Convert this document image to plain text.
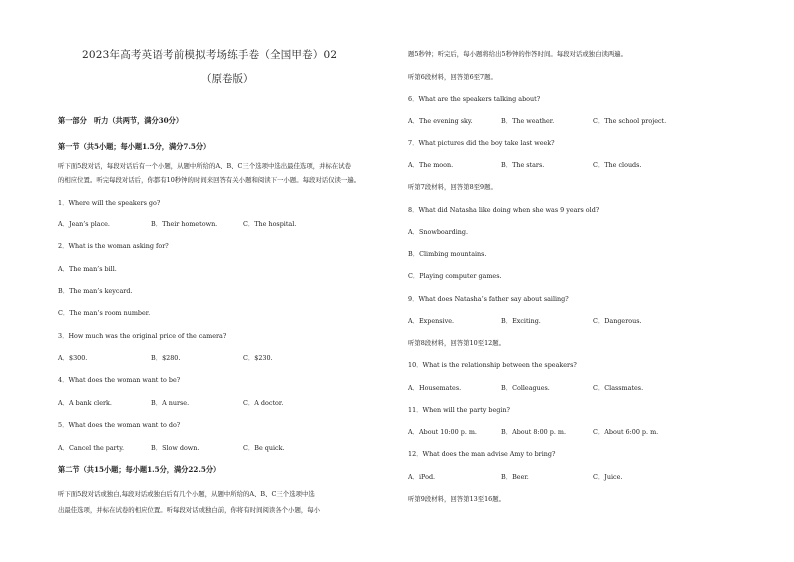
2023年高考英语考前模拟考场练手卷（全国甲卷）02
（原卷版）
第一部分　听力（共两节，满分30分）
第一节（共5小题；每小题1.5分，满分7.5分）
听下面5段对话，每段对话后有一个小题，从题中所给的A、B、C三个选项中选出最佳选项，并标在试卷
的相应位置。听完每段对话后，你都有10秒钟的时间来回答有关小题和阅读下一小题。每段对话仅读一遍。
1．Where will the speakers go?
A．Jean’s place.	B．Their hometown.	C．The hospital.
2．What is the woman asking for?
A．The man’s bill.
B．The man’s keycard.
C．The man’s room number.
3．How much was the original price of the camera?
A．$300.	B．$280.	C．$230.
4．What does the woman want to be?
A．A bank clerk.	B．A nurse.	C．A doctor.
5．What does the woman want to do?
A．Cancel the party.	B．Slow down.	C．Be quick.
第二节（共15小题；每小题1.5分，满分22.5分）
听下面5段对话或独白,每段对话或独白后有几个小题，从题中所给的A、B、C三个选项中选
出最佳选项，并标在试卷的相应位置。听每段对话或独白前，你将有时间阅读各个小题，每小
题5秒钟；听完后，每小题将给出5秒钟的作答时间。每段对话或独白读两遍。
听第6段材料，回答第6至7题。
6．What are the speakers talking about?
A．The evening sky.	B．The weather.	C．The school project.
7．What pictures did the boy take last week?
A．The moon.	B．The stars.	C．The clouds.
听第7段材料，回答第8至9题。
8．What did Natasha like doing when she was 9 years old?
A．Snowboarding.
B．Climbing mountains.
C．Playing computer games.
9．What does Natasha’s father say about sailing?
A．Expensive.	B．Exciting.	C．Dangerous.
听第8段材料，回答第10至12题。
10．What is the relationship between the speakers?
A．Housemates.	B．Colleagues.	C．Classmates.
11．When will the party begin?
A．About 10:00 p. m.	B．About 8:00 p. m.	C．About 6:00 p. m.
12．What does the man advise Amy to bring?
A．iPod.	B．Beer.	C．Juice.
听第9段材料，回答第13至16题。
